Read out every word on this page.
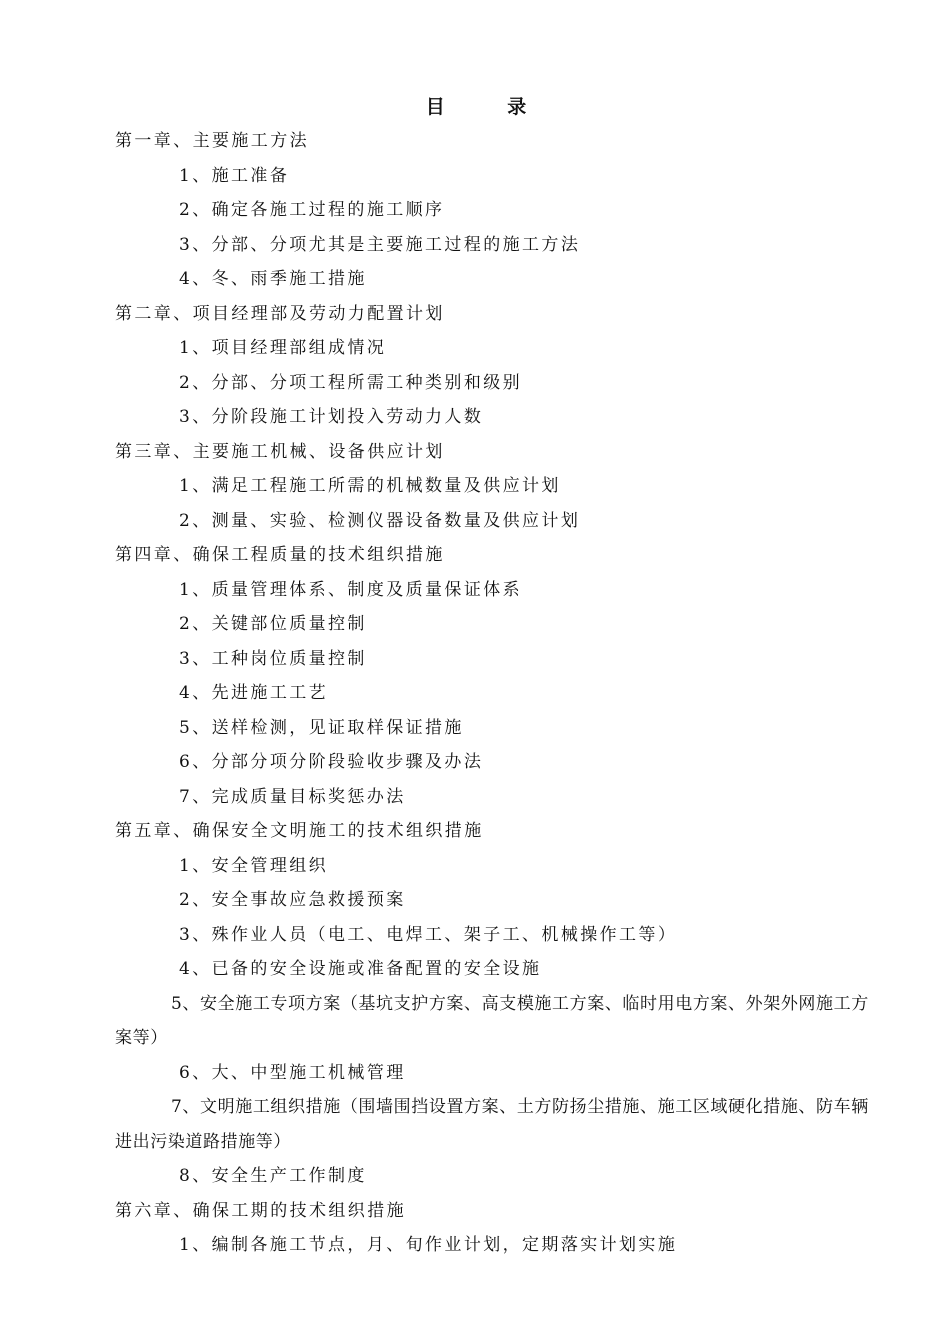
目 录
第一章、主要施工方法
1、施工准备
2、确定各施工过程的施工顺序
3、分部、分项尤其是主要施工过程的施工方法
4、冬、雨季施工措施
第二章、项目经理部及劳动力配置计划
1、项目经理部组成情况
2、分部、分项工程所需工种类别和级别
3、分阶段施工计划投入劳动力人数
第三章、主要施工机械、设备供应计划
1、满足工程施工所需的机械数量及供应计划
2、测量、实验、检测仪器设备数量及供应计划
第四章、确保工程质量的技术组织措施
1、质量管理体系、制度及质量保证体系
2、关键部位质量控制
3、工种岗位质量控制
4、先进施工工艺
5、送样检测，见证取样保证措施
6、分部分项分阶段验收步骤及办法
7、完成质量目标奖惩办法
第五章、确保安全文明施工的技术组织措施
1、安全管理组织
2、安全事故应急救援预案
3、殊作业人员（电工、电焊工、架子工、机械操作工等）
4、已备的安全设施或准备配置的安全设施
5、安全施工专项方案（基坑支护方案、高支模施工方案、临时用电方案、外架外网施工方案等）
6、大、中型施工机械管理
7、文明施工组织措施（围墙围挡设置方案、土方防扬尘措施、施工区域硬化措施、防车辆进出污染道路措施等）
8、安全生产工作制度
第六章、确保工期的技术组织措施
1、编制各施工节点，月、旬作业计划，定期落实计划实施
